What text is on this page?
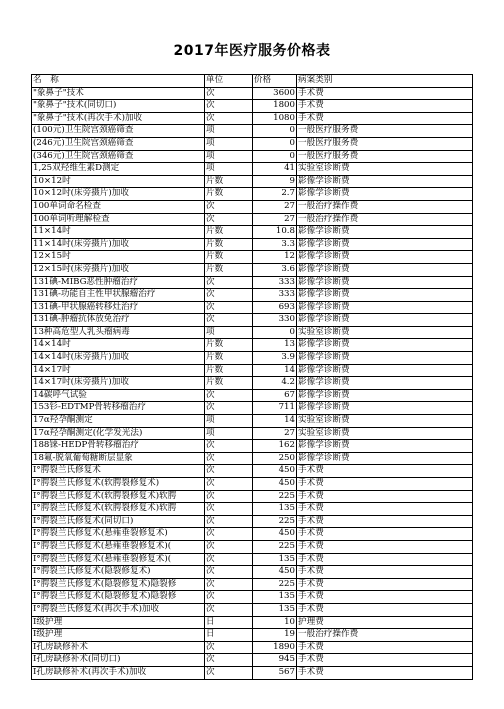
2017年医疗服务价格表
名　称	单位	价格	病案类别
"象鼻子"技术	次	3600	手术费
"象鼻子"技术(同切口)	次	1800	手术费
"象鼻子"技术(再次手术)加收	次	1080	手术费
(100元)卫生院宫颈癌筛查	项	0	一般医疗服务费
(246元)卫生院宫颈癌筛查	项	0	一般医疗服务费
(346元)卫生院宫颈癌筛查	项	0	一般医疗服务费
1,25双羟维生素D测定	项	41	实验室诊断费
10×12吋	片数	9	影像学诊断费
10×12吋(床旁摄片)加收	片数	2.7	影像学诊断费
100单词命名检查	次	27	一般治疗操作费
100单词听理解检查	次	27	一般治疗操作费
11×14吋	片数	10.8	影像学诊断费
11×14吋(床旁摄片)加收	片数	3.3	影像学诊断费
12×15吋	片数	12	影像学诊断费
12×15吋(床旁摄片)加收	片数	3.6	影像学诊断费
131碘-MIBG恶性肿瘤治疗	次	333	影像学诊断费
131碘-功能自主性甲状腺瘤治疗	次	333	影像学诊断费
131碘-甲状腺癌转移灶治疗	次	693	影像学诊断费
131碘-肿瘤抗体放免治疗	次	330	影像学诊断费
13种高危型人乳头瘤病毒	项	0	实验室诊断费
14×14吋	片数	13	影像学诊断费
14×14吋(床旁摄片)加收	片数	3.9	影像学诊断费
14×17吋	片数	14	影像学诊断费
14×17吋(床旁摄片)加收	片数	4.2	影像学诊断费
14碳呼气试验	次	67	影像学诊断费
153钐-EDTMP骨转移瘤治疗	次	711	影像学诊断费
17α羟孕酮测定	项	14	实验室诊断费
17α羟孕酮测定(化学发光法)	项	27	实验室诊断费
188铼-HEDP骨转移瘤治疗	次	162	影像学诊断费
18氟-脱氧葡萄糖断层显象	次	250	影像学诊断费
Ⅰ°腭裂兰氏修复术	次	450	手术费
Ⅰ°腭裂兰氏修复术(软腭裂修复术)	次	450	手术费
Ⅰ°腭裂兰氏修复术(软腭裂修复术)软腭	次	225	手术费
Ⅰ°腭裂兰氏修复术(软腭裂修复术)软腭	次	135	手术费
Ⅰ°腭裂兰氏修复术(同切口)	次	225	手术费
Ⅰ°腭裂兰氏修复术(悬雍垂裂修复术)	次	450	手术费
Ⅰ°腭裂兰氏修复术(悬雍垂裂修复术)(	次	225	手术费
Ⅰ°腭裂兰氏修复术(悬雍垂裂修复术)(	次	135	手术费
Ⅰ°腭裂兰氏修复术(隐裂修复术)	次	450	手术费
Ⅰ°腭裂兰氏修复术(隐裂修复术)隐裂修	次	225	手术费
Ⅰ°腭裂兰氏修复术(隐裂修复术)隐裂修	次	135	手术费
Ⅰ°腭裂兰氏修复术(再次手术)加收	次	135	手术费
Ⅰ级护理	日	10	护理费
Ⅰ级护理	日	19	一般治疗操作费
Ⅰ孔房缺修补术	次	1890	手术费
Ⅰ孔房缺修补术(同切口)	次	945	手术费
Ⅰ孔房缺修补术(再次手术)加收	次	567	手术费
